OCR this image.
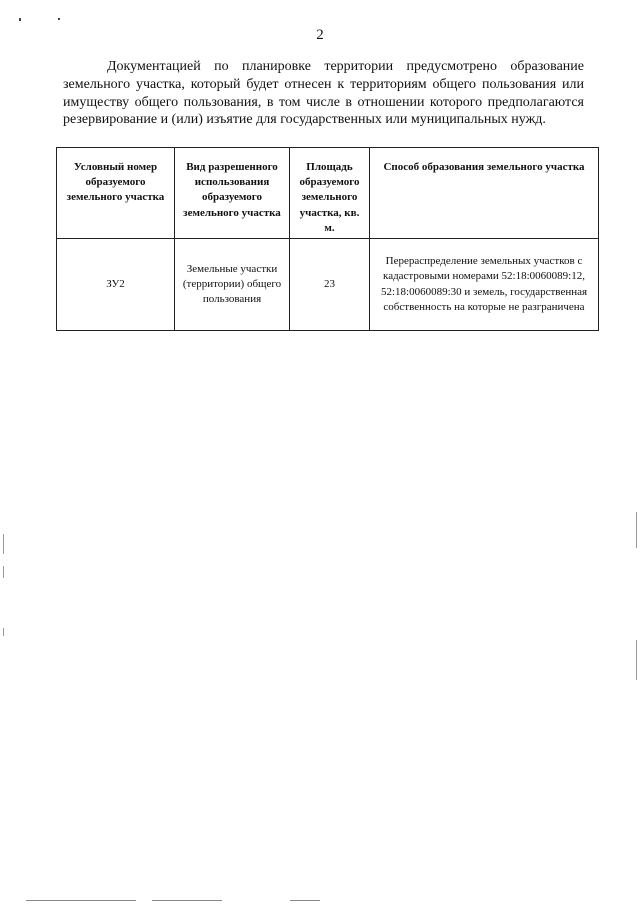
2

Документацией по планировке территории предусмотрено образование земельного участка, который будет отнесен к территориям общего пользования или имуществу общего пользования, в том числе в отношении которого предполагаются резервирование и (или) изъятие для государственных или муниципальных нужд.

Условный номер образуемого земельного участка	Вид разрешенного использования образуемого земельного участка	Площадь образуемого земельного участка, кв. м.	Способ образования земельного участка
ЗУ2	Земельные участки (территории) общего пользования	23	Перераспределение земельных участков с кадастровыми номерами 52:18:0060089:12, 52:18:0060089:30 и земель, государственная собственность на которые не разграничена
